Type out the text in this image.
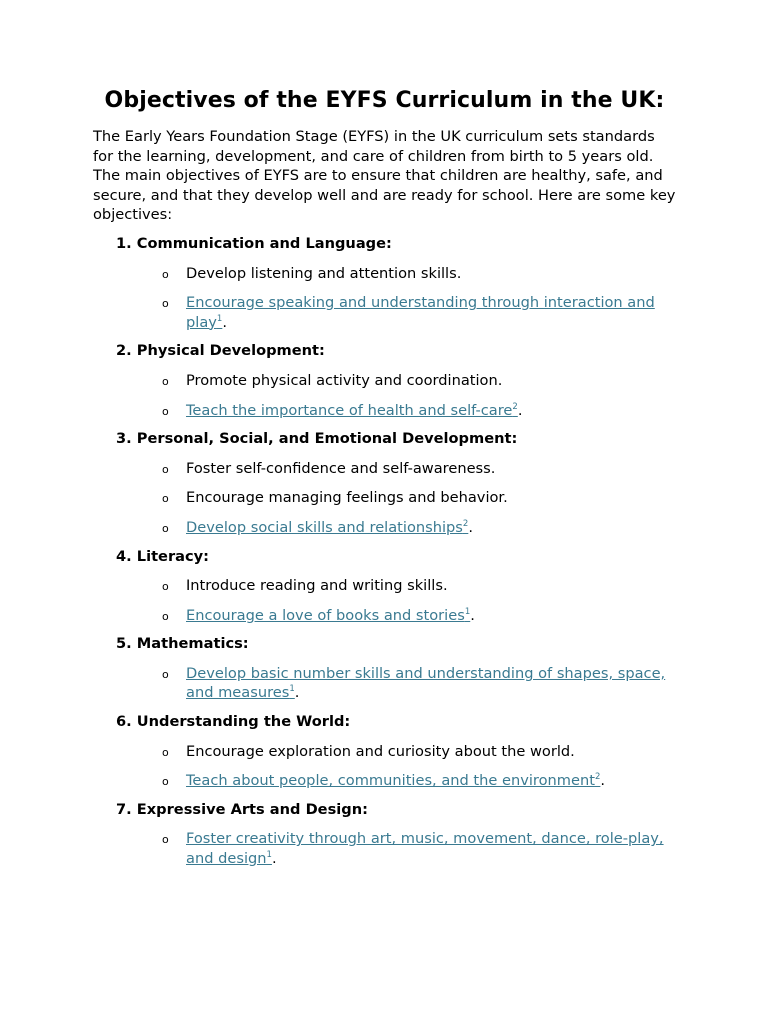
Objectives of the EYFS Curriculum in the UK:

The Early Years Foundation Stage (EYFS) in the UK curriculum sets standards for the learning, development, and care of children from birth to 5 years old. The main objectives of EYFS are to ensure that children are healthy, safe, and secure, and that they develop well and are ready for school. Here are some key objectives:

1. Communication and Language:
o Develop listening and attention skills.
o Encourage speaking and understanding through interaction and play$^1$.
2. Physical Development:
o Promote physical activity and coordination.
o Teach the importance of health and self-care$^2$.
3. Personal, Social, and Emotional Development:
o Foster self-confidence and self-awareness.
o Encourage managing feelings and behavior.
o Develop social skills and relationships$^2$.
4. Literacy:
o Introduce reading and writing skills.
o Encourage a love of books and stories$^1$.
5. Mathematics:
o Develop basic number skills and understanding of shapes, space, and measures$^1$.
6. Understanding the World:
o Encourage exploration and curiosity about the world.
o Teach about people, communities, and the environment$^2$.
7. Expressive Arts and Design:
o Foster creativity through art, music, movement, dance, role-play, and design$^1$.
